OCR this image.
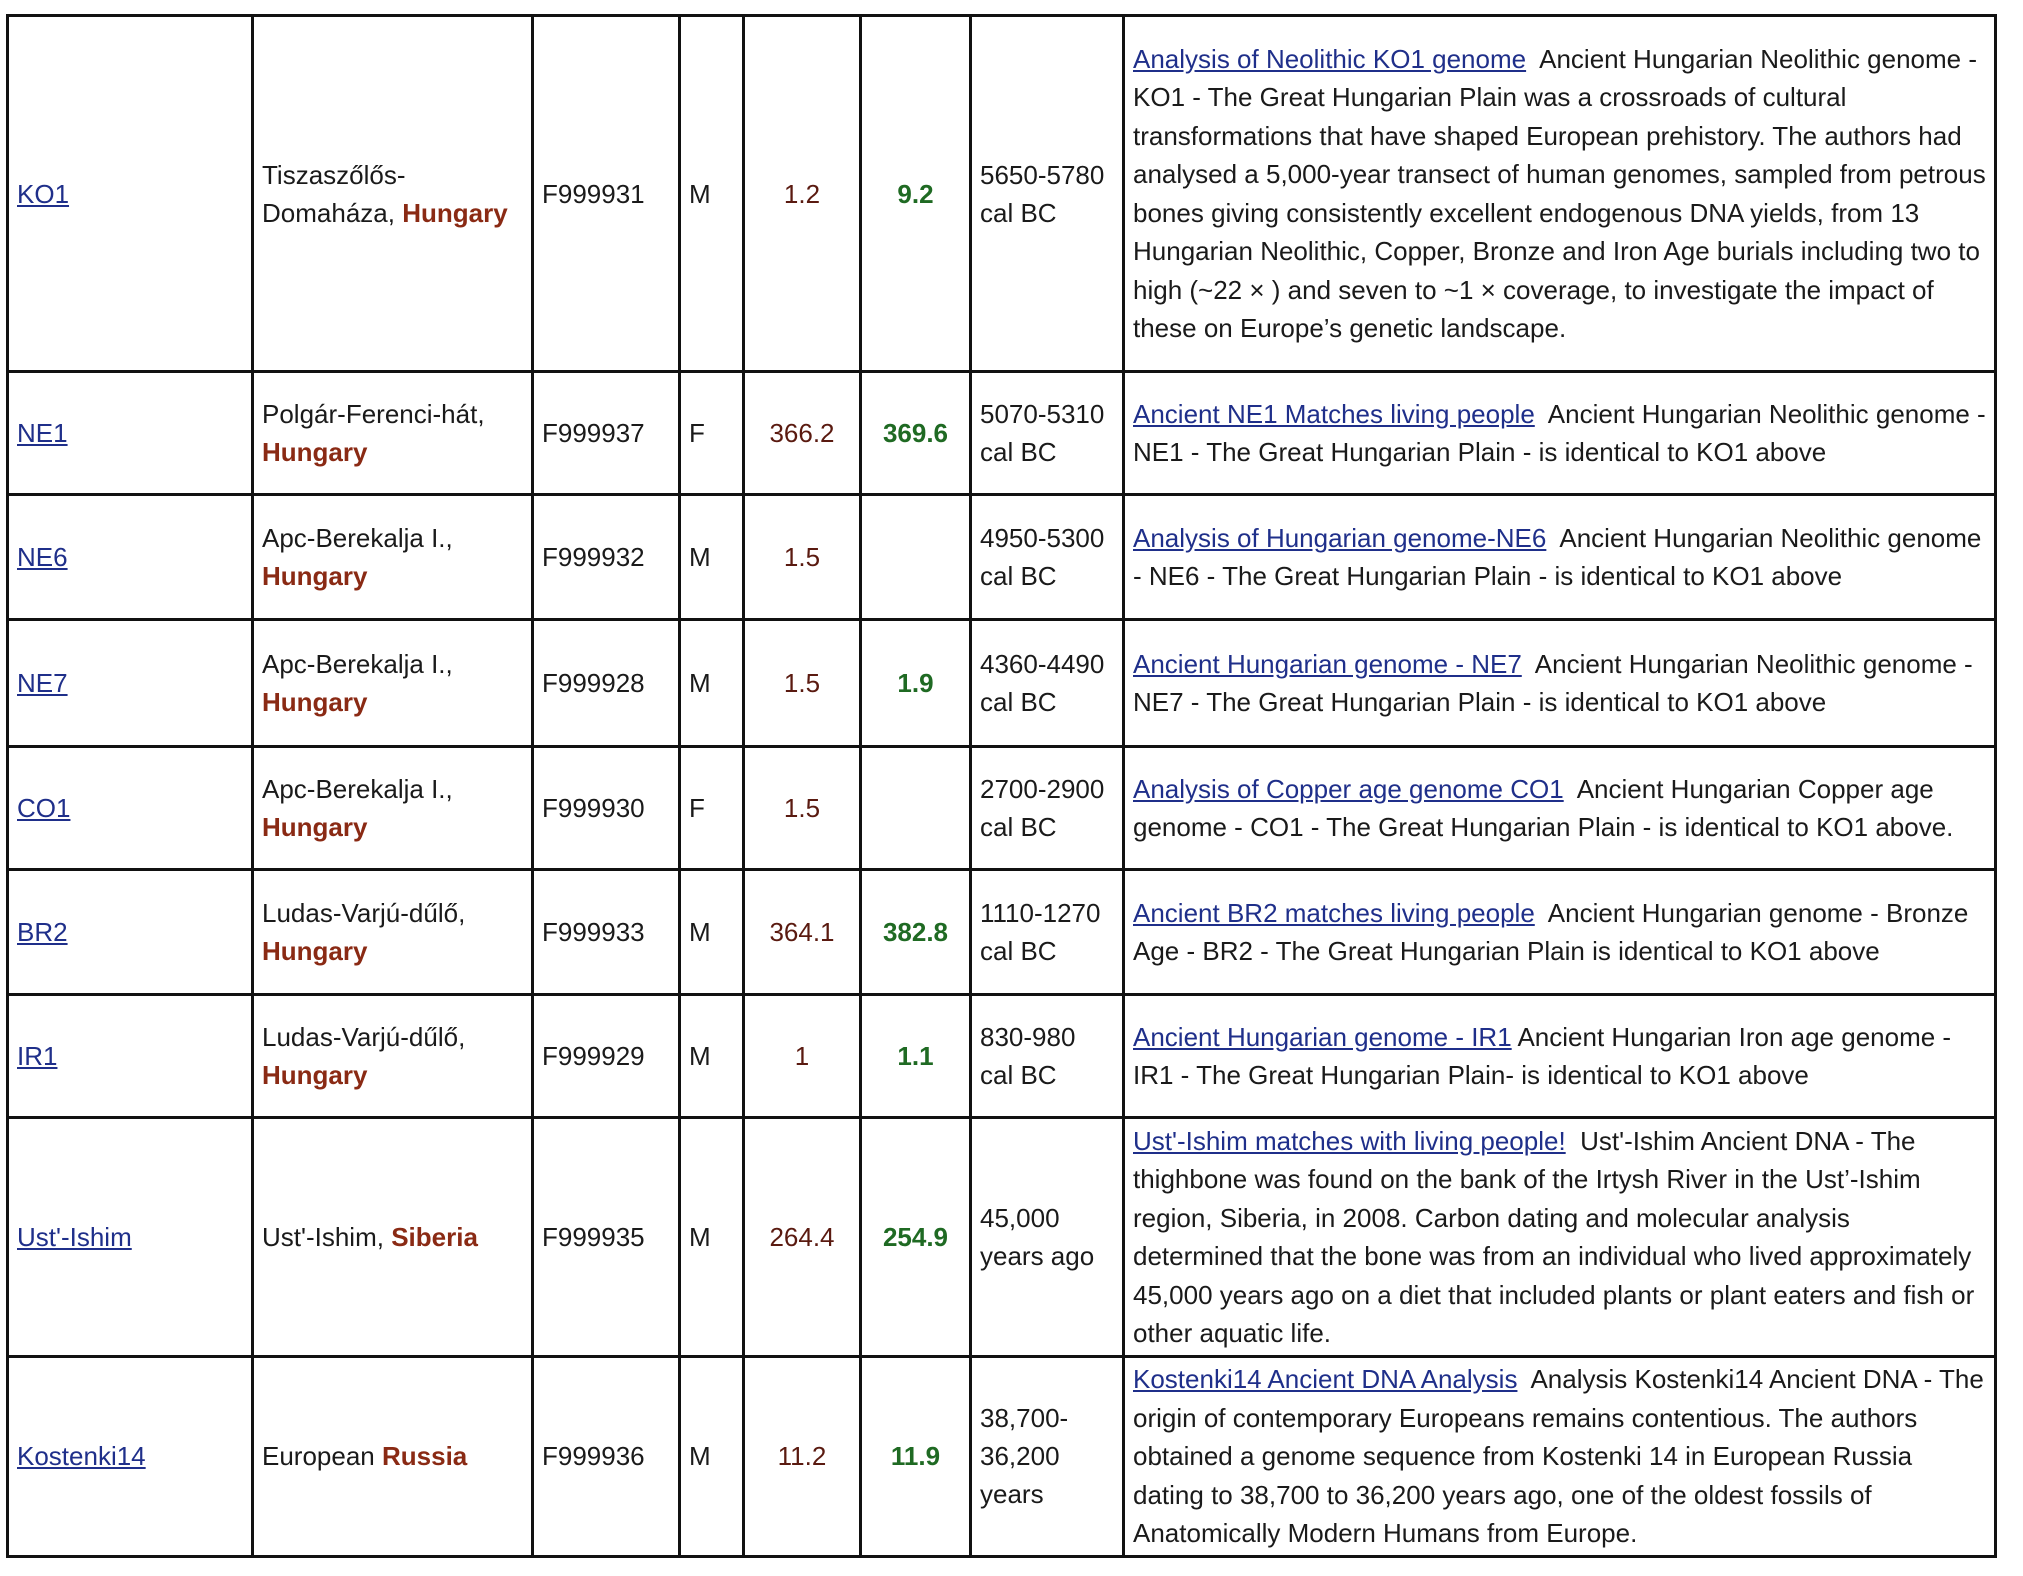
KO1	Tiszaszőlős-Domaháza, Hungary	F999931	M	1.2	9.2	5650-5780 cal BC	Analysis of Neolithic KO1 genome Ancient Hungarian Neolithic genome - KO1 - The Great Hungarian Plain was a crossroads of cultural transformations that have shaped European prehistory. The authors had analysed a 5,000-year transect of human genomes, sampled from petrous bones giving consistently excellent endogenous DNA yields, from 13 Hungarian Neolithic, Copper, Bronze and Iron Age burials including two to high (~22 × ) and seven to ~1 × coverage, to investigate the impact of these on Europe’s genetic landscape.
NE1	Polgár-Ferenci-hát, Hungary	F999937	F	366.2	369.6	5070-5310 cal BC	Ancient NE1 Matches living people Ancient Hungarian Neolithic genome - NE1 - The Great Hungarian Plain - is identical to KO1 above
NE6	Apc-Berekalja I., Hungary	F999932	M	1.5		4950-5300 cal BC	Analysis of Hungarian genome-NE6 Ancient Hungarian Neolithic genome - NE6 - The Great Hungarian Plain - is identical to KO1 above
NE7	Apc-Berekalja I., Hungary	F999928	M	1.5	1.9	4360-4490 cal BC	Ancient Hungarian genome - NE7 Ancient Hungarian Neolithic genome - NE7 - The Great Hungarian Plain - is identical to KO1 above
CO1	Apc-Berekalja I., Hungary	F999930	F	1.5		2700-2900 cal BC	Analysis of Copper age genome CO1 Ancient Hungarian Copper age genome - CO1 - The Great Hungarian Plain - is identical to KO1 above.
BR2	Ludas-Varjú-dűlő, Hungary	F999933	M	364.1	382.8	1110-1270 cal BC	Ancient BR2 matches living people Ancient Hungarian genome - Bronze Age - BR2 - The Great Hungarian Plain is identical to KO1 above
IR1	Ludas-Varjú-dűlő, Hungary	F999929	M	1	1.1	830-980 cal BC	Ancient Hungarian genome - IR1 Ancient Hungarian Iron age genome - IR1 - The Great Hungarian Plain- is identical to KO1 above
Ust'-Ishim	Ust'-Ishim, Siberia	F999935	M	264.4	254.9	45,000 years ago	Ust'-Ishim matches with living people! Ust'-Ishim Ancient DNA - The thighbone was found on the bank of the Irtysh River in the Ust’-Ishim region, Siberia, in 2008. Carbon dating and molecular analysis determined that the bone was from an individual who lived approximately 45,000 years ago on a diet that included plants or plant eaters and fish or other aquatic life.
Kostenki14	European Russia	F999936	M	11.2	11.9	38,700-36,200 years	Kostenki14 Ancient DNA Analysis Analysis Kostenki14 Ancient DNA - The origin of contemporary Europeans remains contentious. The authors obtained a genome sequence from Kostenki 14 in European Russia dating to 38,700 to 36,200 years ago, one of the oldest fossils of Anatomically Modern Humans from Europe.
